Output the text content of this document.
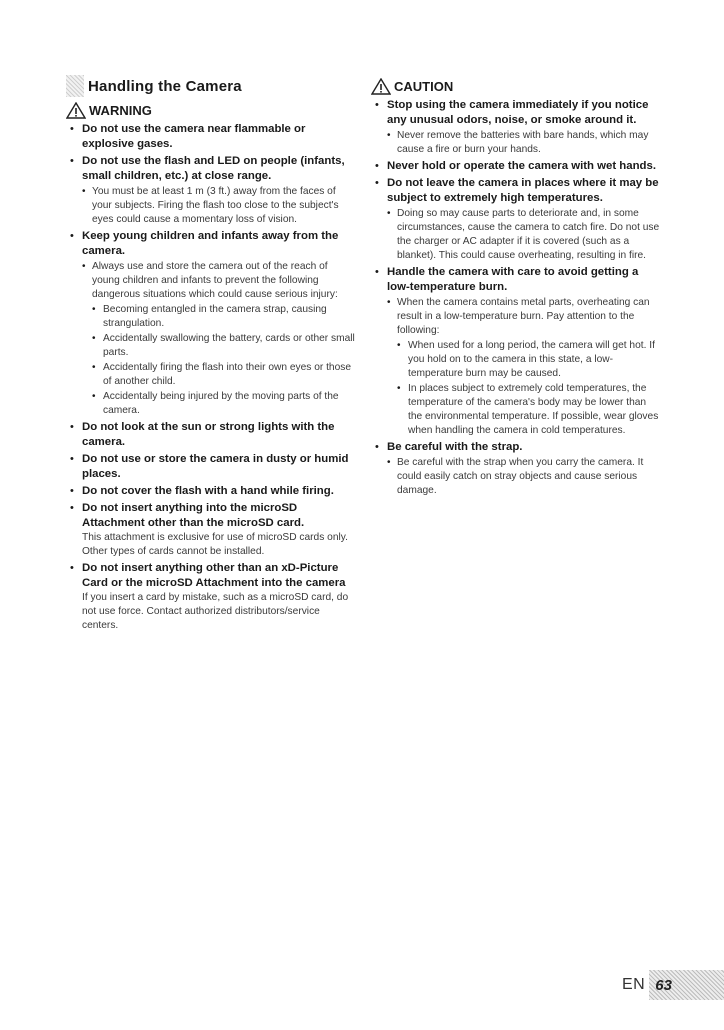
Handling the Camera
WARNING
• Do not use the camera near flammable or explosive gases.
• Do not use the flash and LED on people (infants, small children, etc.) at close range.
• You must be at least 1 m (3 ft.) away from the faces of your subjects. Firing the flash too close to the subject's eyes could cause a momentary loss of vision.
• Keep young children and infants away from the camera.
• Always use and store the camera out of the reach of young children and infants to prevent the following dangerous situations which could cause serious injury:
• Becoming entangled in the camera strap, causing strangulation.
• Accidentally swallowing the battery, cards or other small parts.
• Accidentally firing the flash into their own eyes or those of another child.
• Accidentally being injured by the moving parts of the camera.
• Do not look at the sun or strong lights with the camera.
• Do not use or store the camera in dusty or humid places.
• Do not cover the flash with a hand while firing.
• Do not insert anything into the microSD Attachment other than the microSD card.
This attachment is exclusive for use of microSD cards only. Other types of cards cannot be installed.
• Do not insert anything other than an xD-Picture Card or the microSD Attachment into the camera
If you insert a card by mistake, such as a microSD card, do not use force. Contact authorized distributors/service centers.
CAUTION
• Stop using the camera immediately if you notice any unusual odors, noise, or smoke around it.
• Never remove the batteries with bare hands, which may cause a fire or burn your hands.
• Never hold or operate the camera with wet hands.
• Do not leave the camera in places where it may be subject to extremely high temperatures.
• Doing so may cause parts to deteriorate and, in some circumstances, cause the camera to catch fire. Do not use the charger or AC adapter if it is covered (such as a blanket). This could cause overheating, resulting in fire.
• Handle the camera with care to avoid getting a low-temperature burn.
• When the camera contains metal parts, overheating can result in a low-temperature burn. Pay attention to the following:
• When used for a long period, the camera will get hot. If you hold on to the camera in this state, a low-temperature burn may be caused.
• In places subject to extremely cold temperatures, the temperature of the camera's body may be lower than the environmental temperature. If possible, wear gloves when handling the camera in cold temperatures.
• Be careful with the strap.
• Be careful with the strap when you carry the camera. It could easily catch on stray objects and cause serious damage.
EN 63
